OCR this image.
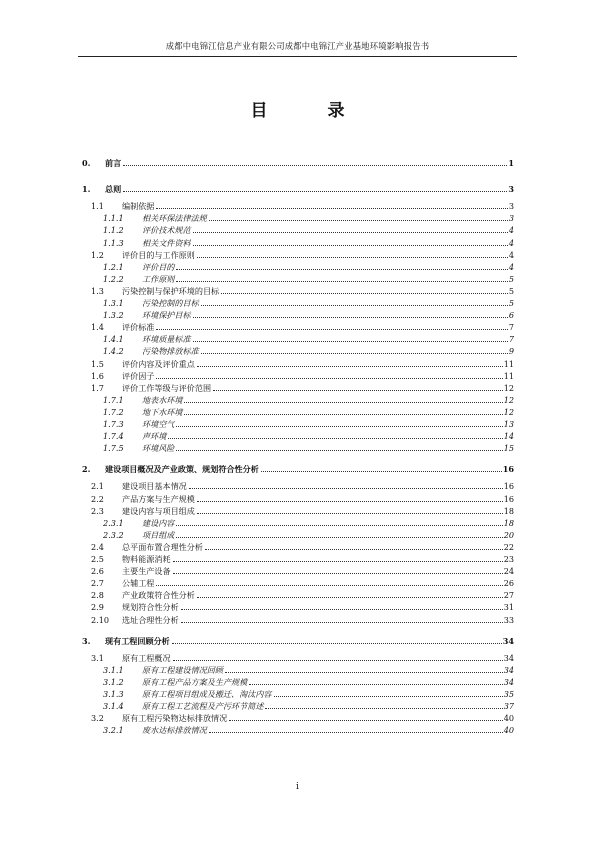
成都中电锦江信息产业有限公司成都中电锦江产业基地环境影响报告书
目	录
0. 前言	1
1. 总则	3
1.1 编制依据	3
1.1.1 相关环保法律法规	3
1.1.2 评价技术规范	4
1.1.3 相关文件资料	4
1.2 评价目的与工作原则	4
1.2.1 评价目的	4
1.2.2 工作原则	5
1.3 污染控制与保护环境的目标	5
1.3.1 污染控制的目标	5
1.3.2 环境保护目标	6
1.4 评价标准	7
1.4.1 环境质量标准	7
1.4.2 污染物排放标准	9
1.5 评价内容及评价重点	11
1.6 评价因子	11
1.7 评价工作等级与评价范围	12
1.7.1 地表水环境	12
1.7.2 地下水环境	12
1.7.3 环境空气	13
1.7.4 声环境	14
1.7.5 环境风险	15
2. 建设项目概况及产业政策、规划符合性分析	16
2.1 建设项目基本情况	16
2.2 产品方案与生产规模	16
2.3 建设内容与项目组成	18
2.3.1 建设内容	18
2.3.2 项目组成	20
2.4 总平面布置合理性分析	22
2.5 物料能源消耗	23
2.6 主要生产设备	24
2.7 公辅工程	26
2.8 产业政策符合性分析	27
2.9 规划符合性分析	31
2.10 选址合理性分析	33
3. 现有工程回顾分析	34
3.1 原有工程概况	34
3.1.1 原有工程建设情况回顾	34
3.1.2 原有工程产品方案及生产规模	34
3.1.3 原有工程项目组成及搬迁、淘汰内容	35
3.1.4 原有工程工艺流程及产污环节简述	37
3.2 原有工程污染物达标排放情况	40
3.2.1 废水达标排放情况	40
i
